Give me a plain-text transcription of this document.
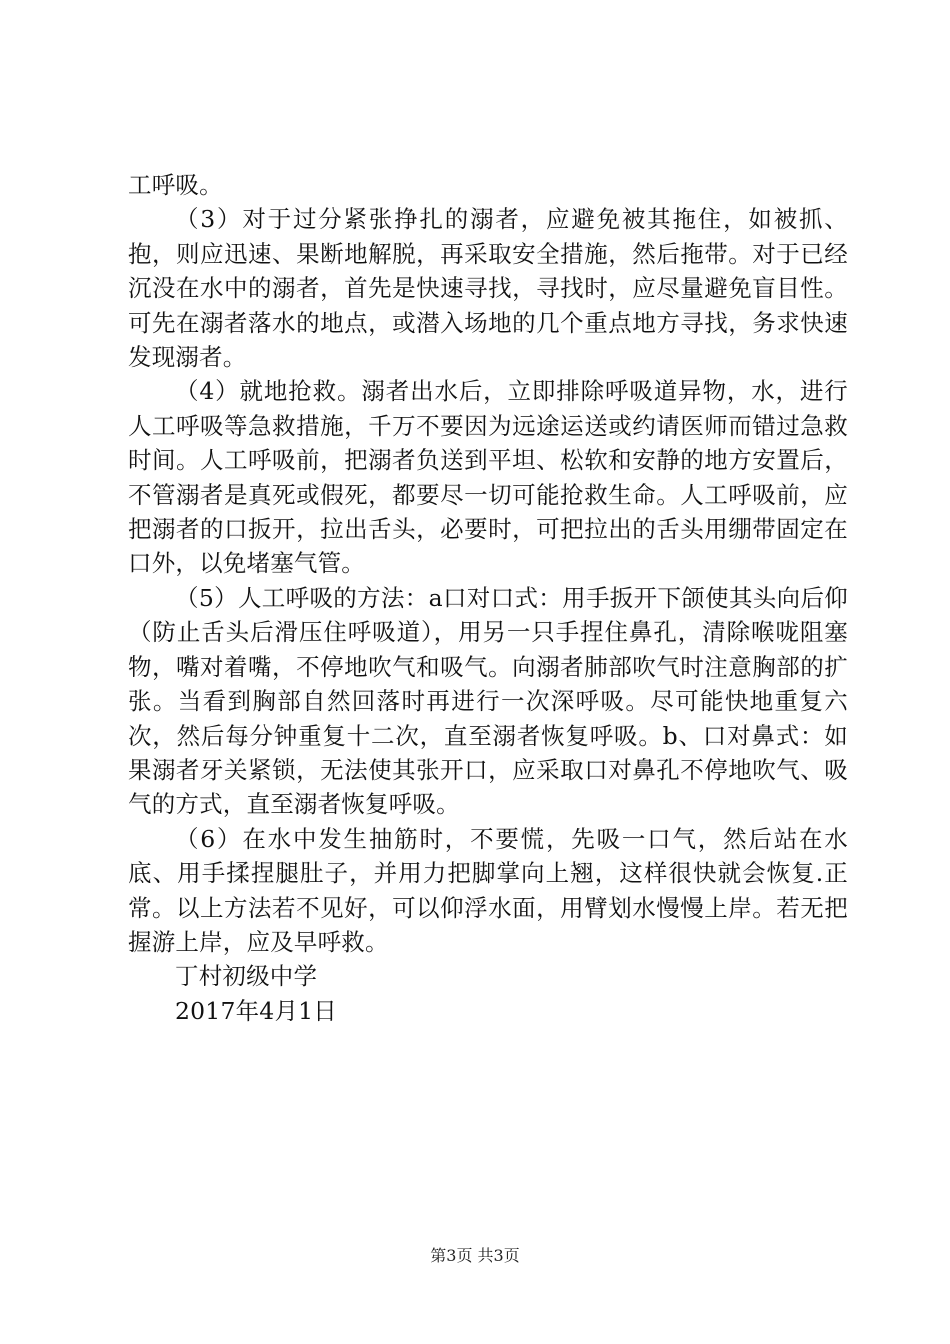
工呼吸。

（3）对于过分紧张挣扎的溺者，应避免被其拖住，如被抓、抱，则应迅速、果断地解脱，再采取安全措施，然后拖带。对于已经沉没在水中的溺者，首先是快速寻找，寻找时，应尽量避免盲目性。可先在溺者落水的地点，或潜入场地的几个重点地方寻找，务求快速发现溺者。

（4）就地抢救。溺者出水后，立即排除呼吸道异物，水，进行人工呼吸等急救措施，千万不要因为远途运送或约请医师而错过急救时间。人工呼吸前，把溺者负送到平坦、松软和安静的地方安置后，不管溺者是真死或假死，都要尽一切可能抢救生命。人工呼吸前，应把溺者的口扳开，拉出舌头，必要时，可把拉出的舌头用绷带固定在口外，以免堵塞气管。

（5）人工呼吸的方法：a口对口式：用手扳开下颌使其头向后仰（防止舌头后滑压住呼吸道），用另一只手捏住鼻孔，清除喉咙阻塞物，嘴对着嘴，不停地吹气和吸气。向溺者肺部吹气时注意胸部的扩张。当看到胸部自然回落时再进行一次深呼吸。尽可能快地重复六次，然后每分钟重复十二次，直至溺者恢复呼吸。b、口对鼻式：如果溺者牙关紧锁，无法使其张开口，应采取口对鼻孔不停地吹气、吸气的方式，直至溺者恢复呼吸。

（6）在水中发生抽筋时，不要慌，先吸一口气，然后站在水底、用手揉捏腿肚子，并用力把脚掌向上翘，这样很快就会恢复.正常。以上方法若不见好，可以仰浮水面，用臂划水慢慢上岸。若无把握游上岸，应及早呼救。

丁村初级中学

2017年4月1日

第3页 共3页
